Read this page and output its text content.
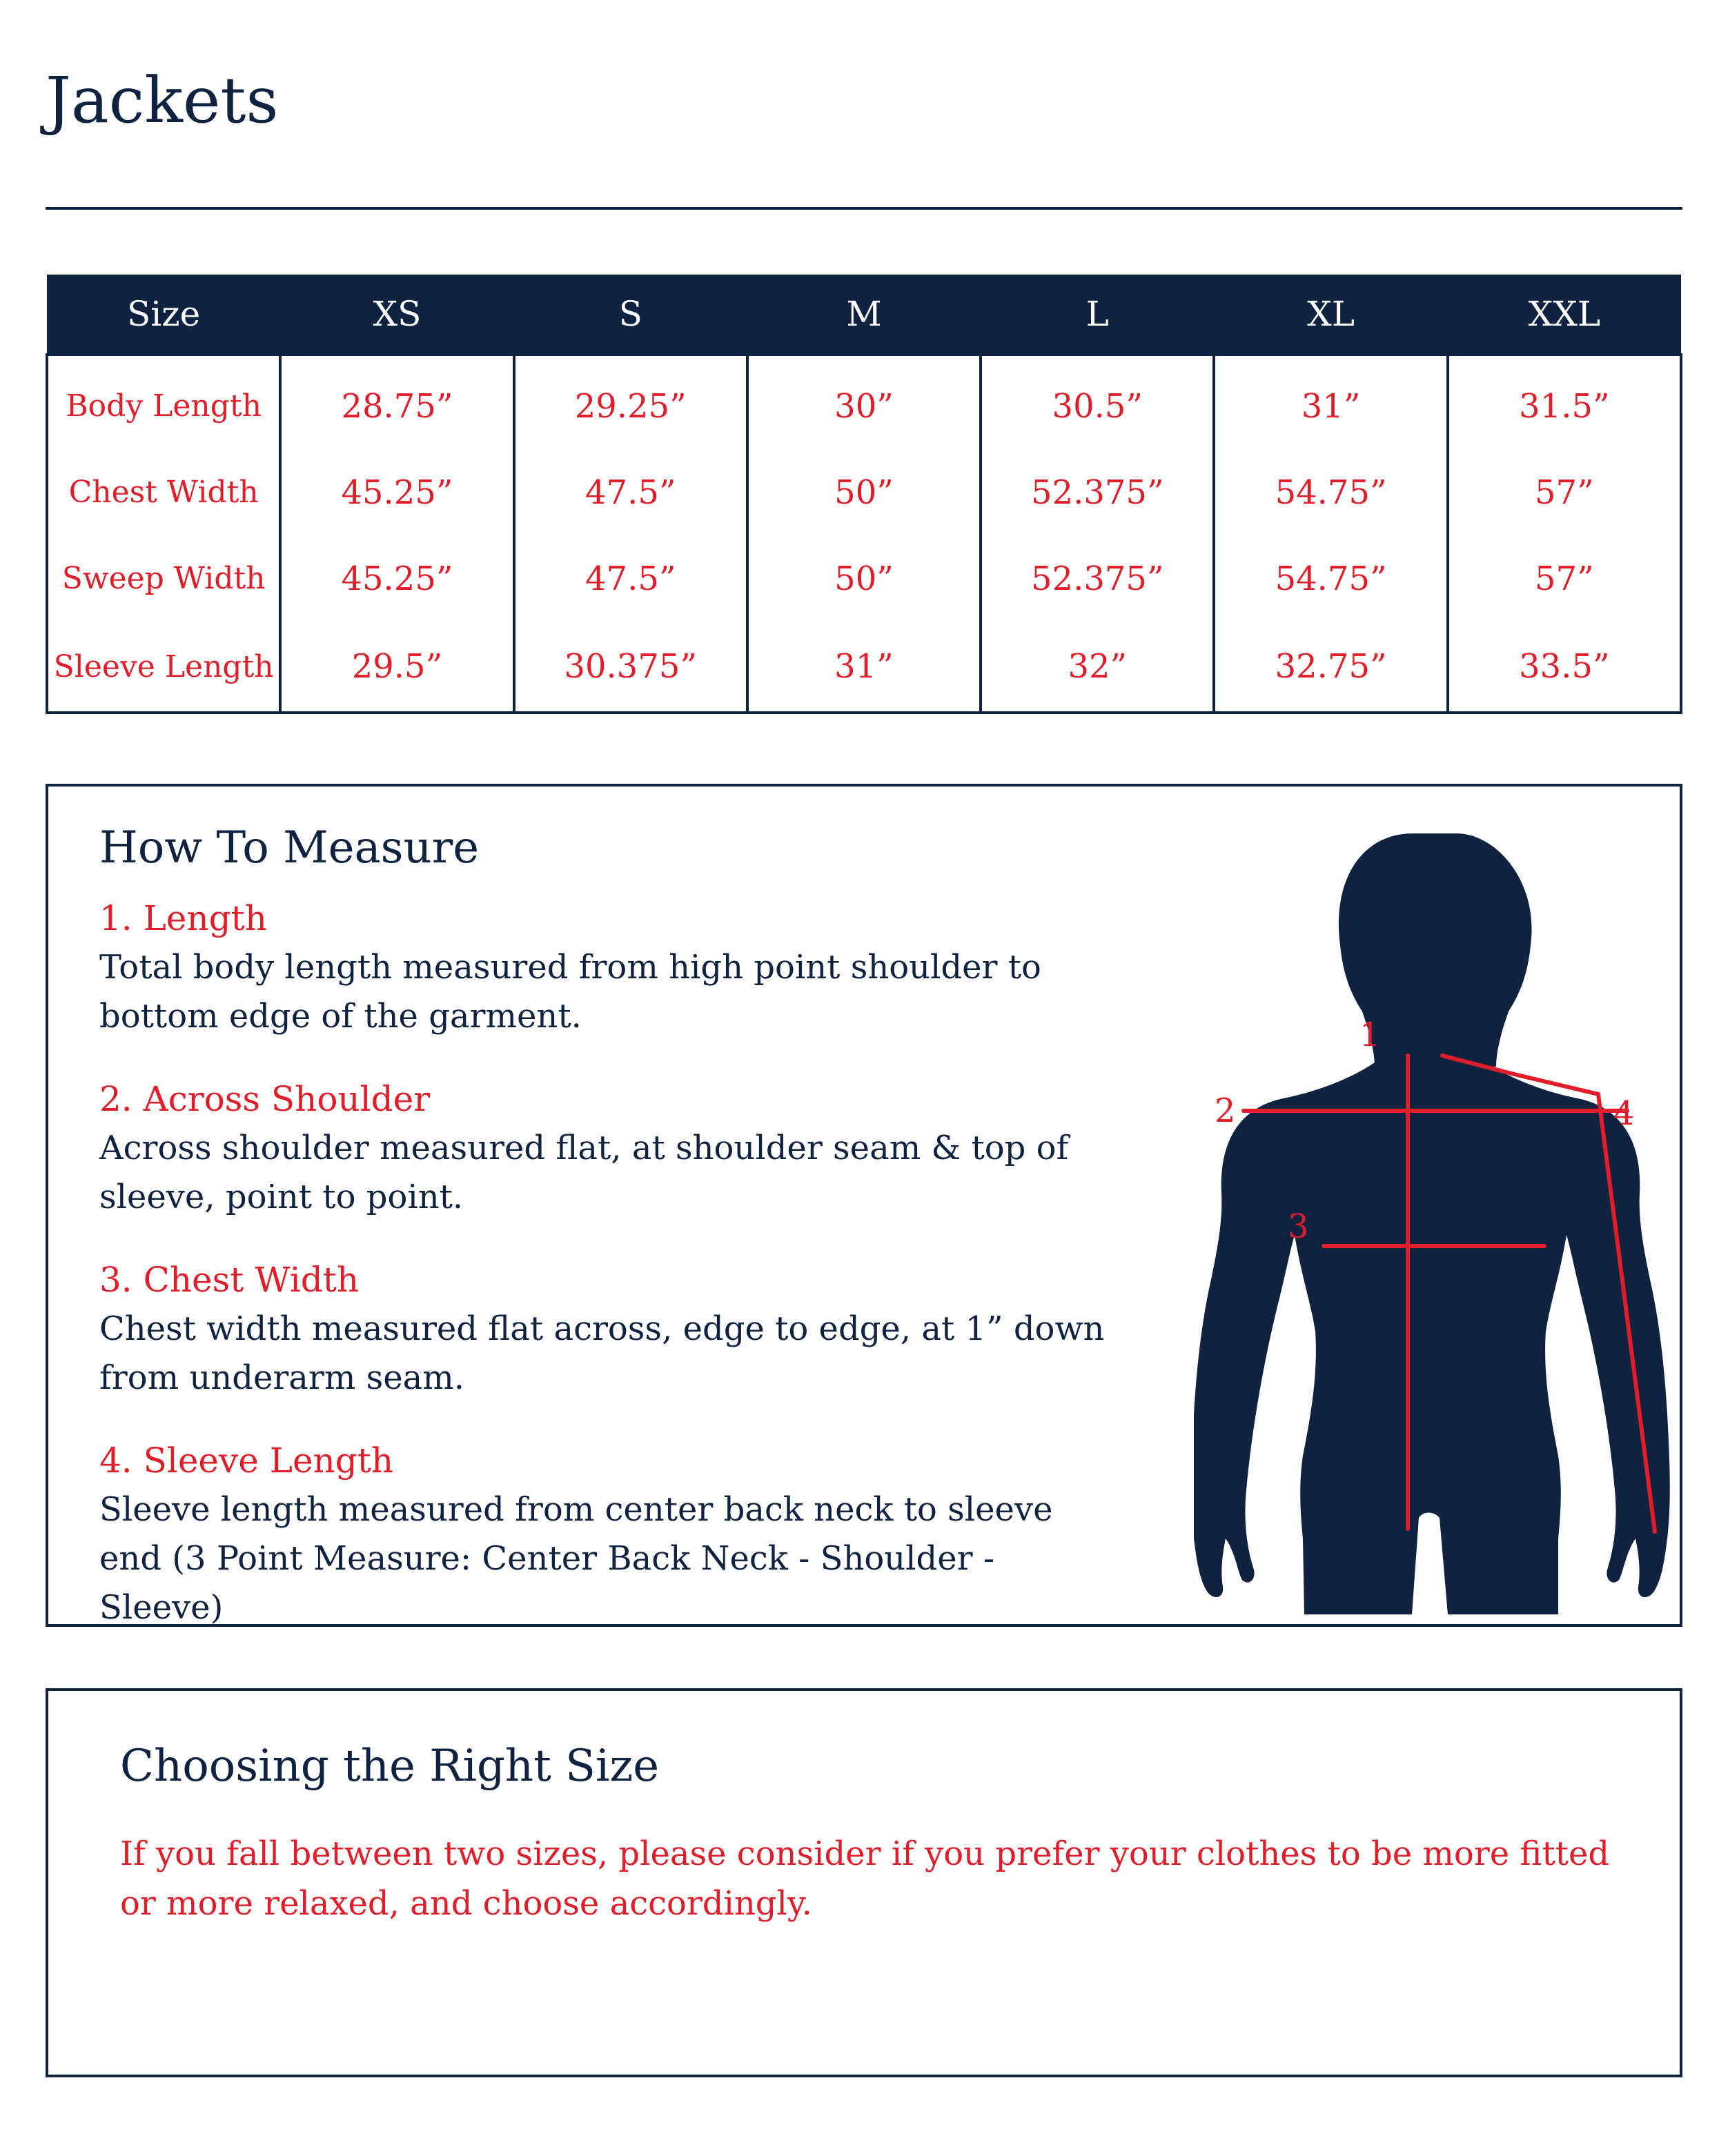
Jackets
Size	XS	S	M	L	XL	XXL
Body Length	28.75”	29.25”	30”	30.5”	31”	31.5”
Chest Width	45.25”	47.5”	50”	52.375”	54.75”	57”
Sweep Width	45.25”	47.5”	50”	52.375”	54.75”	57”
Sleeve Length	29.5”	30.375”	31”	32”	32.75”	33.5”
How To Measure

1. Length

Total body length measured from high point shoulder to bottom edge of the garment.

2. Across Shoulder

Across shoulder measured flat, at shoulder seam & top of sleeve, point to point.

3. Chest Width

Chest width measured flat across, edge to edge, at 1” down from underarm seam.

4. Sleeve Length

Sleeve length measured from center back neck to sleeve end (3 Point Measure: Center Back Neck - Shoulder - Sleeve)

1
2
3
4
Choosing the Right Size

If you fall between two sizes, please consider if you prefer your clothes to be more fitted or more relaxed, and choose accordingly.
